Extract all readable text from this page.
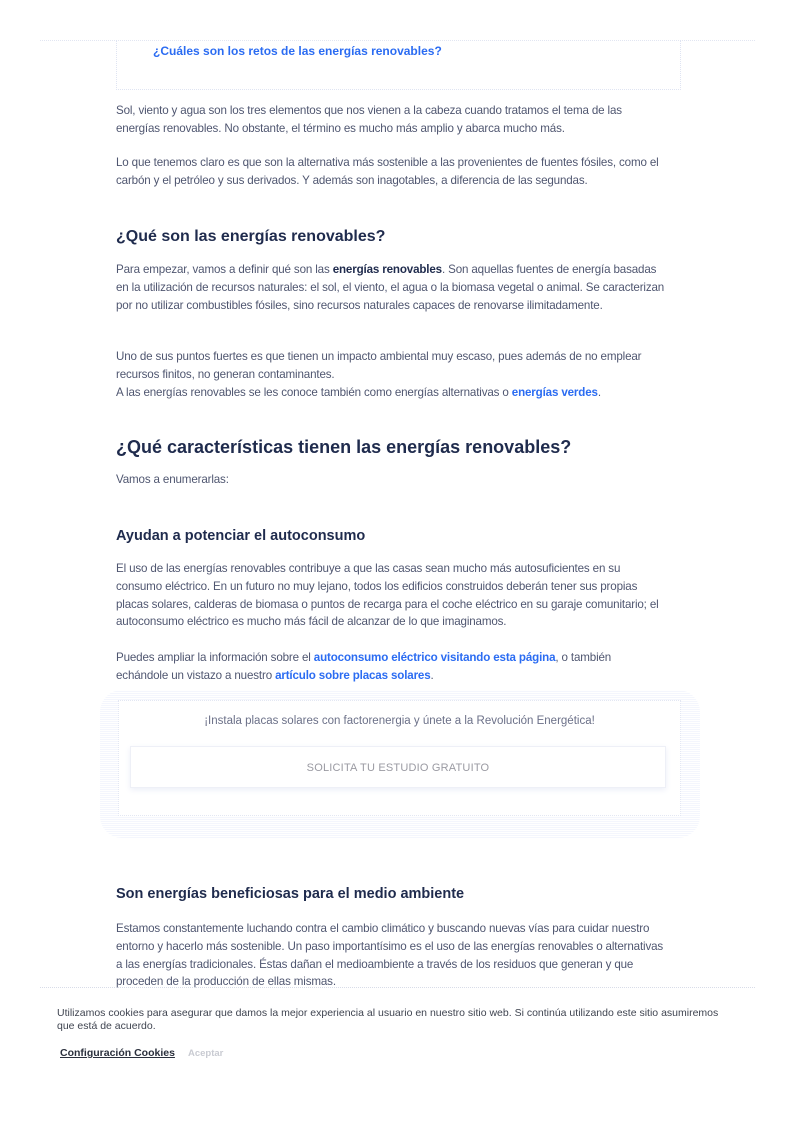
¿Cuáles son los retos de las energías renovables?

Sol, viento y agua son los tres elementos que nos vienen a la cabeza cuando tratamos el tema de las energías renovables. No obstante, el término es mucho más amplio y abarca mucho más.

Lo que tenemos claro es que son la alternativa más sostenible a las provenientes de fuentes fósiles, como el carbón y el petróleo y sus derivados. Y además son inagotables, a diferencia de las segundas.

¿Qué son las energías renovables?

Para empezar, vamos a definir qué son las energías renovables. Son aquellas fuentes de energía basadas en la utilización de recursos naturales: el sol, el viento, el agua o la biomasa vegetal o animal. Se caracterizan por no utilizar combustibles fósiles, sino recursos naturales capaces de renovarse ilimitadamente.

Uno de sus puntos fuertes es que tienen un impacto ambiental muy escaso, pues además de no emplear recursos finitos, no generan contaminantes.

A las energías renovables se les conoce también como energías alternativas o energías verdes.

¿Qué características tienen las energías renovables?

Vamos a enumerarlas:

Ayudan a potenciar el autoconsumo

El uso de las energías renovables contribuye a que las casas sean mucho más autosuficientes en su consumo eléctrico. En un futuro no muy lejano, todos los edificios construidos deberán tener sus propias placas solares, calderas de biomasa o puntos de recarga para el coche eléctrico en su garaje comunitario; el autoconsumo eléctrico es mucho más fácil de alcanzar de lo que imaginamos.

Puedes ampliar la información sobre el autoconsumo eléctrico visitando esta página, o también echándole un vistazo a nuestro artículo sobre placas solares.

¡Instala placas solares con factorenergia y únete a la Revolución Energética!
SOLICITA TU ESTUDIO GRATUITO
Son energías beneficiosas para el medio ambiente

Estamos constantemente luchando contra el cambio climático y buscando nuevas vías para cuidar nuestro entorno y hacerlo más sostenible. Un paso importantísimo es el uso de las energías renovables o alternativas a las energías tradicionales. Éstas dañan el medioambiente a través de los residuos que generan y que proceden de la producción de ellas mismas.

Utilizamos cookies para asegurar que damos la mejor experiencia al usuario en nuestro sitio web. Si continúa utilizando este sitio asumiremos que está de acuerdo.
Configuración Cookies Aceptar
